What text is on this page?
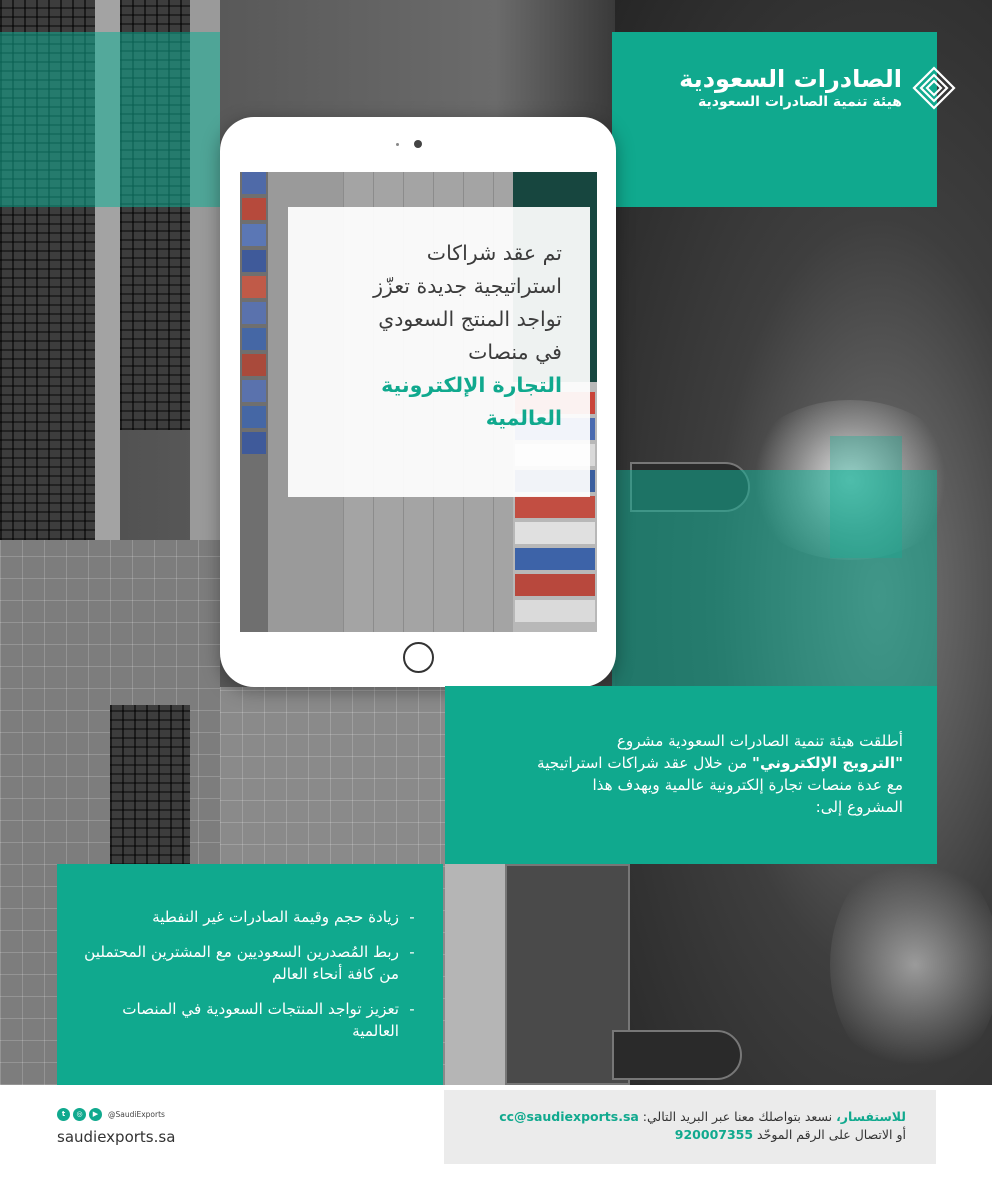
الصادرات السعودية
هيئة تنمية الصادرات السعودية
تم عقد شراكات
استراتيجية جديدة تعزّز
تواجد المنتج السعودي
في منصات
التجارة الإلكترونية
العالمية
أطلقت هيئة تنمية الصادرات السعودية مشروع
"الترويج الإلكتروني" من خلال عقد شراكات استراتيجية
مع عدة منصات تجارة إلكترونية عالمية ويهدف هذا
المشروع إلى:
-
زيادة حجم وقيمة الصادرات غير النفطية
-
ربط المُصدرين السعوديين مع المشترين المحتملين من كافة أنحاء العالم
-
تعزيز تواجد المنتجات السعودية في المنصات العالمية
t	◎	▶	@SaudiExports
saudiexports.sa
للاستفسار، نسعد بتواصلك معنا عبر البريد التالي: cc@saudiexports.sa
أو الاتصال على الرقم الموحّد 920007355
